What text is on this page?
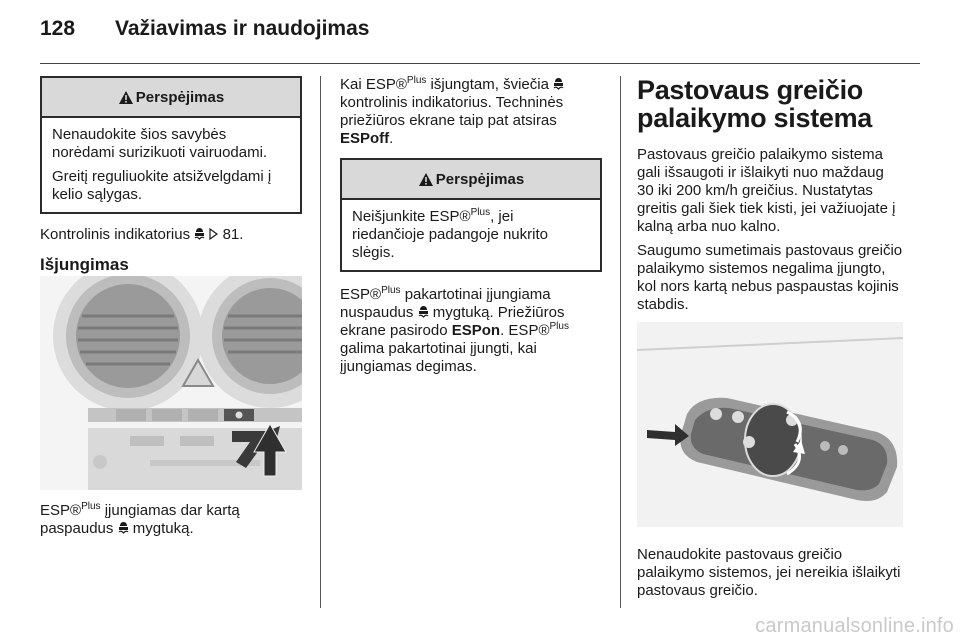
128 Važiavimas ir naudojimas
Perspėjimas

Nenaudokite šios savybės norėdami surizikuoti vairuodami.

Greitį reguliuokite atsižvelgdami į kelio sąlygas.

Kontrolinis indikatorius 81.

Išjungimas

ESP®$^{Plus}$ įjungiamas dar kartą paspaudus mygtuką.

Kai ESP®$^{Plus}$ išjungtam, šviečia  kontrolinis indikatorius. Techninės priežiūros ekrane taip pat atsiras ESPoff.

Perspėjimas

Neišjunkite ESP®$^{Plus}$, jei riedančioje padangoje nukrito slėgis.

ESP®$^{Plus}$ pakartotinai įjungiama nuspaudus mygtuką. Priežiūros ekrane pasirodo ESPon. ESP®$^{Plus}$ galima pakartotinai įjungti, kai įjungiamas degimas.

Pastovaus greičio palaikymo sistema

Pastovaus greičio palaikymo sistema gali išsaugoti ir išlaikyti nuo maždaug 30 iki 200 km/h greičius. Nustatytas greitis gali šiek tiek kisti, jei važiuojate į kalną arba nuo kalno.

Saugumo sumetimais pastovaus greičio palaikymo sistemos negalima įjungto, kol nors kartą nebus paspaustas kojinis stabdis.

Nenaudokite pastovaus greičio palaikymo sistemos, jei nereikia išlaikyti pastovaus greičio.

carmanualsonline.info
